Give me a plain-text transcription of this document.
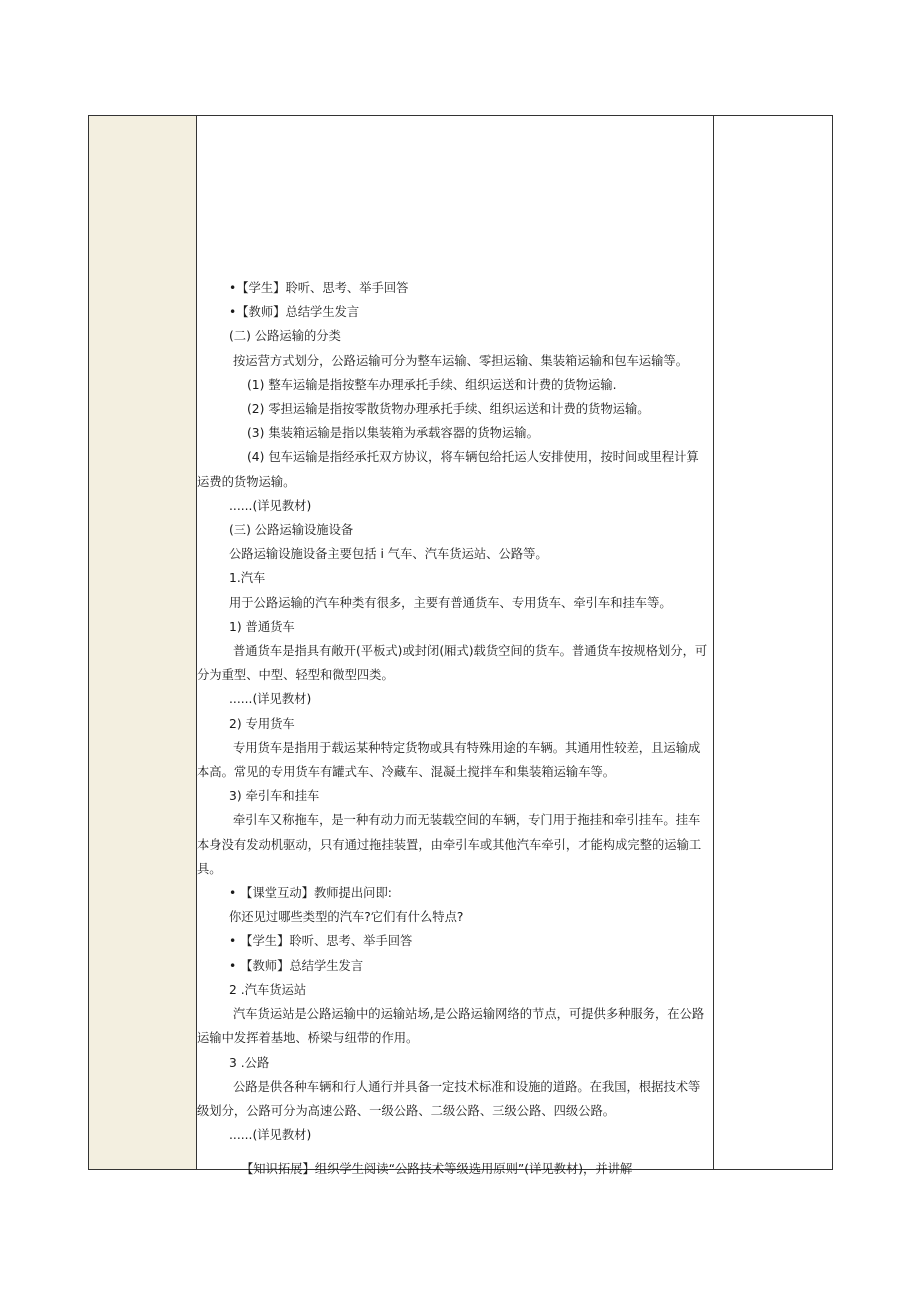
•【学生】聆听、思考、举手回答
•【教师】总结学生发言
(二) 公路运输的分类
按运营方式划分，公路运输可分为整车运输、零担运输、集装箱运输和包车运输等。
(1) 整车运输是指按整车办理承托手续、组织运送和计费的货物运输.
(2) 零担运输是指按零散货物办理承托手续、组织运送和计费的货物运输。
(3) 集装箱运输是指以集装箱为承载容器的货物运输。
(4) 包车运输是指经承托双方协议，将车辆包给托运人安排使用，按时间或里程计算运费的货物运输。
......(详见教材)
(三) 公路运输设施设备
公路运输设施设备主要包括 i 气车、汽车货运站、公路等。
1.汽车
用于公路运输的汽车种类有很多，主要有普通货车、专用货车、牵引车和挂车等。
1) 普通货车
普通货车是指具有敞开(平板式)或封闭(厢式)载货空间的货车。普通货车按规格划分，可分为重型、中型、轻型和微型四类。
......(详见教材)
2) 专用货车
专用货车是指用于载运某种特定货物或具有特殊用途的车辆。其通用性较差，且运输成本高。常见的专用货车有罐式车、冷藏车、混凝土搅拌车和集装箱运输车等。
3) 牵引车和挂车
牵引车又称拖车，是一种有动力而无装载空间的车辆，专门用于拖挂和牵引挂车。挂车本身没有发动机驱动，只有通过拖挂装置，由牵引车或其他汽车牵引，才能构成完整的运输工具。
• 【课堂互动】教师提出问即:
你还见过哪些类型的汽车?它们有什么特点?
• 【学生】聆听、思考、举手回答
• 【教师】总结学生发言
2 .汽车货运站
汽车货运站是公路运输中的运输站场,是公路运输网络的节点，可提供多种服务，在公路运输中发挥着基地、桥梁与纽带的作用。
3 .公路
公路是供各种车辆和行人通行并具备一定技术标准和设施的道路。在我国，根据技术等级划分，公路可分为高速公路、一级公路、二级公路、三级公路、四级公路。
......(详见教材)
【知识拓展】组织学生阅读“公路技术等级选用原则”(详见教材)，并讲解
